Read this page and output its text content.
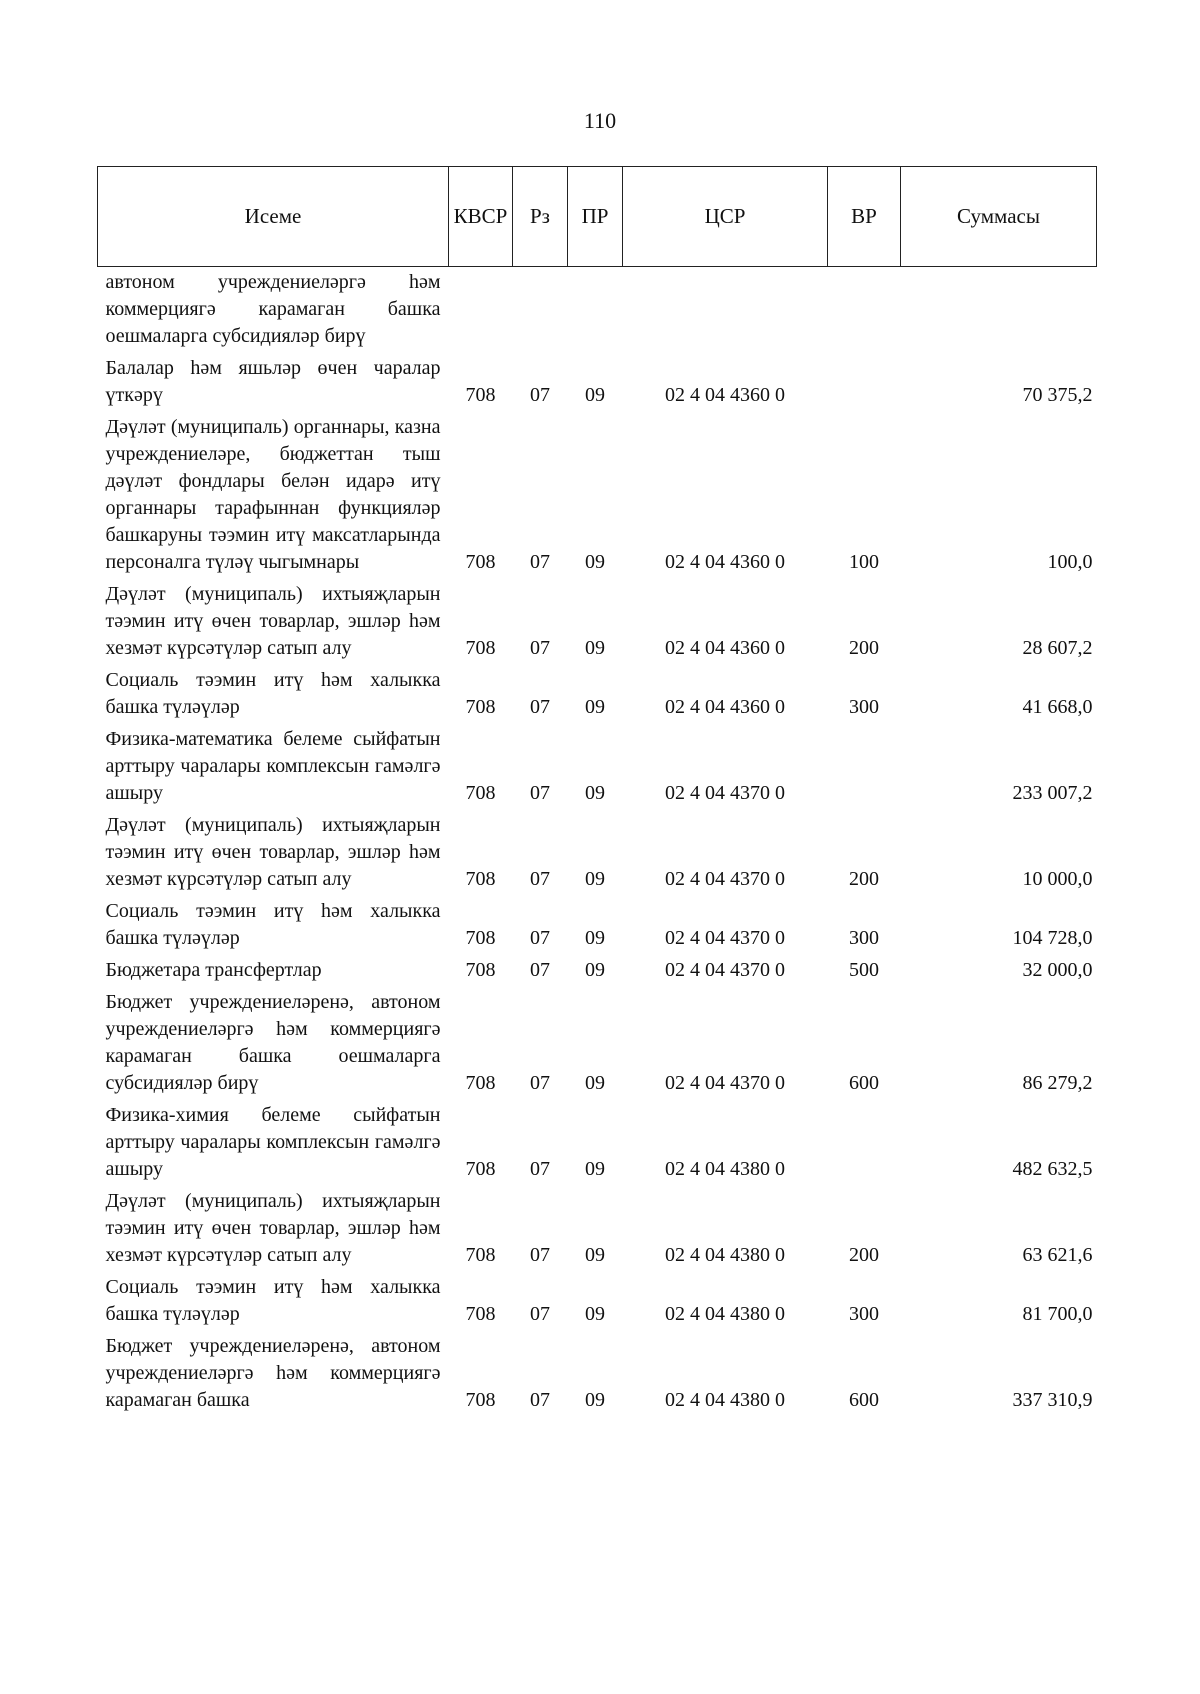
110
Исеме	КВСР	Рз	ПР	ЦСР	ВР	Суммасы
автоном учреждениеләргә һәм коммерциягә карамаган башка оешмаларга субсидияләр бирү						
Балалар һәм яшьләр өчен чаралар үткәрү	708	07	09	02 4 04 4360 0		70 375,2
Дәүләт (муниципаль) органнары, казна учреждениеләре, бюджеттан тыш дәүләт фондлары белән идарә итү органнары тарафыннан функцияләр башкаруны тәэмин итү максатларында персоналга түләү чыгымнары	708	07	09	02 4 04 4360 0	100	100,0
Дәүләт (муниципаль) ихтыяҗларын тәэмин итү өчен товарлар, эшләр һәм хезмәт күрсәтүләр сатып алу	708	07	09	02 4 04 4360 0	200	28 607,2
Социаль тәэмин итү һәм халыкка башка түләүләр	708	07	09	02 4 04 4360 0	300	41 668,0
Физика-математика белеме сыйфатын арттыру чаралары комплексын гамәлгә ашыру	708	07	09	02 4 04 4370 0		233 007,2
Дәүләт (муниципаль) ихтыяҗларын тәэмин итү өчен товарлар, эшләр һәм хезмәт күрсәтүләр сатып алу	708	07	09	02 4 04 4370 0	200	10 000,0
Социаль тәэмин итү һәм халыкка башка түләүләр	708	07	09	02 4 04 4370 0	300	104 728,0
Бюджетара трансфертлар	708	07	09	02 4 04 4370 0	500	32 000,0
Бюджет учреждениеләренә, автоном учреждениеләргә һәм коммерциягә карамаган башка оешмаларга субсидияләр бирү	708	07	09	02 4 04 4370 0	600	86 279,2
Физика-химия белеме сыйфатын арттыру чаралары комплексын гамәлгә ашыру	708	07	09	02 4 04 4380 0		482 632,5
Дәүләт (муниципаль) ихтыяҗларын тәэмин итү өчен товарлар, эшләр һәм хезмәт күрсәтүләр сатып алу	708	07	09	02 4 04 4380 0	200	63 621,6
Социаль тәэмин итү һәм халыкка башка түләүләр	708	07	09	02 4 04 4380 0	300	81 700,0
Бюджет учреждениеләренә, автоном учреждениеләргә һәм коммерциягә карамаган башка	708	07	09	02 4 04 4380 0	600	337 310,9
